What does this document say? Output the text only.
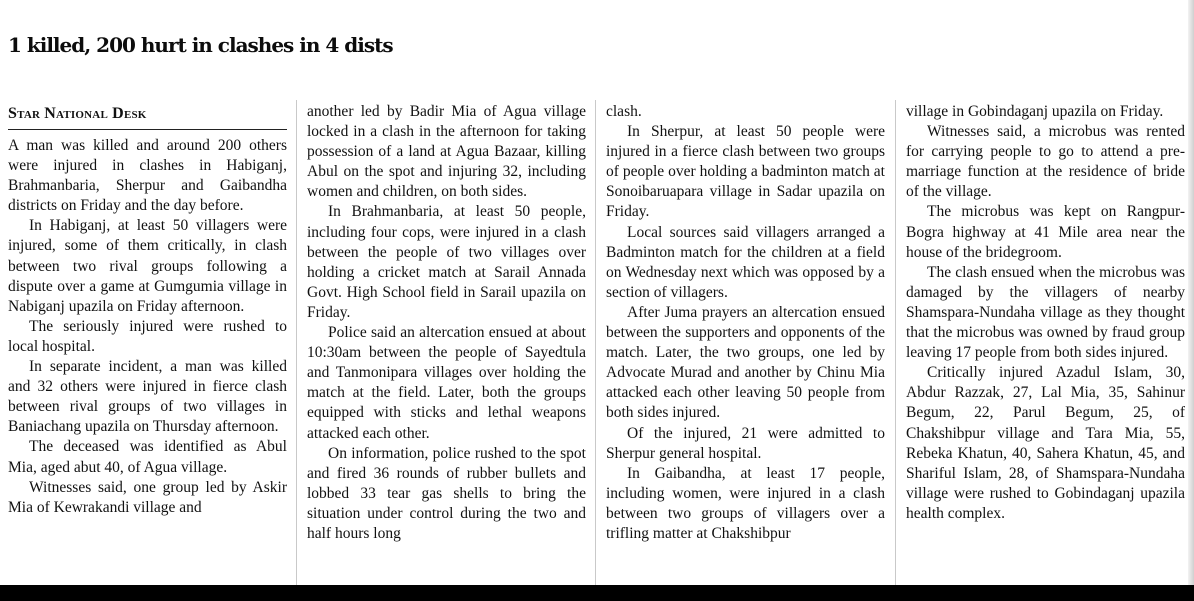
1 killed, 200 hurt in clashes in 4 dists
Star National Desk

A man was killed and around 200 others were injured in clashes in Habiganj, Brahmanbaria, Sherpur and Gaibandha districts on Friday and the day before.

In Habiganj, at least 50 villagers were injured, some of them critically, in clash between two rival groups following a dispute over a game at Gumgumia village in Nabiganj upazila on Friday afternoon.

The seriously injured were rushed to local hospital.

In separate incident, a man was killed and 32 others were injured in fierce clash between rival groups of two villages in Baniachang upazila on Thursday afternoon.

The deceased was identified as Abul Mia, aged abut 40, of Agua village.

Witnesses said, one group led by Askir Mia of Kewrakandi village and

another led by Badir Mia of Agua village locked in a clash in the afternoon for taking possession of a land at Agua Bazaar, killing Abul on the spot and injuring 32, including women and children, on both sides.

In Brahmanbaria, at least 50 people, including four cops, were injured in a clash between the people of two villages over holding a cricket match at Sarail Annada Govt. High School field in Sarail upazila on Friday.

Police said an altercation ensued at about 10:30am between the people of Sayedtula and Tanmonipara villages over holding the match at the field. Later, both the groups equipped with sticks and lethal weapons attacked each other.

On information, police rushed to the spot and fired 36 rounds of rubber bullets and lobbed 33 tear gas shells to bring the situation under control during the two and half hours long

clash.

In Sherpur, at least 50 people were injured in a fierce clash between two groups of people over holding a badminton match at Sonoibaruapara village in Sadar upazila on Friday.

Local sources said villagers arranged a Badminton match for the children at a field on Wednesday next which was opposed by a section of villagers.

After Juma prayers an altercation ensued between the supporters and opponents of the match. Later, the two groups, one led by Advocate Murad and another by Chinu Mia attacked each other leaving 50 people from both sides injured.

Of the injured, 21 were admitted to Sherpur general hospital.

In Gaibandha, at least 17 people, including women, were injured in a clash between two groups of villagers over a trifling matter at Chakshibpur

village in Gobindaganj upazila on Friday.

Witnesses said, a microbus was rented for carrying people to go to attend a pre-marriage function at the residence of bride of the village.

The microbus was kept on Rangpur-Bogra highway at 41 Mile area near the house of the bridegroom.

The clash ensued when the microbus was damaged by the villagers of nearby Shamspara-Nundaha village as they thought that the microbus was owned by fraud group leaving 17 people from both sides injured.

Critically injured Azadul Islam, 30, Abdur Razzak, 27, Lal Mia, 35, Sahinur Begum, 22, Parul Begum, 25, of Chakshibpur village and Tara Mia, 55, Rebeka Khatun, 40, Sahera Khatun, 45, and Shariful Islam, 28, of Shamspara-Nundaha village were rushed to Gobindaganj upazila health complex.
